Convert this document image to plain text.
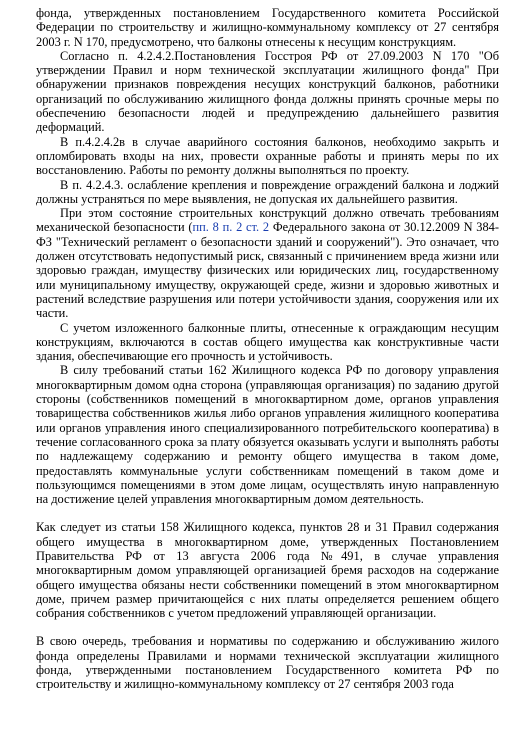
фонда, утвержденных постановлением Государственного комитета Российской Федерации по строительству и жилищно-коммунальному комплексу от 27 сентября 2003 г. N 170, предусмотрено, что балконы отнесены к несущим конструкциям.

Согласно п. 4.2.4.2.Постановления Госстроя РФ от 27.09.2003 N 170 "Об утверждении Правил и норм технической эксплуатации жилищного фонда" При обнаружении признаков повреждения несущих конструкций балконов, работники организаций по обслуживанию жилищного фонда должны принять срочные меры по обеспечению безопасности людей и предупреждению дальнейшего развития деформаций.

В п.4.2.4.2в в случае аварийного состояния балконов, необходимо закрыть и опломбировать входы на них, провести охранные работы и принять меры по их восстановлению. Работы по ремонту должны выполняться по проекту.

В п. 4.2.4.3. ослабление крепления и повреждение ограждений балкона и лоджий должны устраняться по мере выявления, не допуская их дальнейшего развития.

При этом состояние строительных конструкций должно отвечать требованиям механической безопасности (пп. 8 п. 2 ст. 2 Федерального закона от 30.12.2009 N 384-ФЗ "Технический регламент о безопасности зданий и сооружений"). Это означает, что должен отсутствовать недопустимый риск, связанный с причинением вреда жизни или здоровью граждан, имуществу физических или юридических лиц, государственному или муниципальному имуществу, окружающей среде, жизни и здоровью животных и растений вследствие разрушения или потери устойчивости здания, сооружения или их части.

С учетом изложенного балконные плиты, отнесенные к ограждающим несущим конструкциям, включаются в состав общего имущества как конструктивные части здания, обеспечивающие его прочность и устойчивость.

В силу требований статьи 162 Жилищного кодекса РФ по договору управления многоквартирным домом одна сторона (управляющая организация) по заданию другой стороны (собственников помещений в многоквартирном доме, органов управления товарищества собственников жилья либо органов управления жилищного кооператива или органов управления иного специализированного потребительского кооператива) в течение согласованного срока за плату обязуется оказывать услуги и выполнять работы по надлежащему содержанию и ремонту общего имущества в таком доме, предоставлять коммунальные услуги собственникам помещений в таком доме и пользующимся помещениями в этом доме лицам, осуществлять иную направленную на достижение целей управления многоквартирным домом деятельность.

Как следует из статьи 158 Жилищного кодекса, пунктов 28 и 31 Правил содержания общего имущества в многоквартирном доме, утвержденных Постановлением Правительства РФ от 13 августа 2006 года №491, в случае управления многоквартирным домом управляющей организацией бремя расходов на содержание общего имущества обязаны нести собственники помещений в этом многоквартирном доме, причем размер причитающейся с них платы определяется решением общего собрания собственников с учетом предложений управляющей организации.

В свою очередь, требования и нормативы по содержанию и обслуживанию жилого фонда определены Правилами и нормами технической эксплуатации жилищного фонда, утвержденными постановлением Государственного комитета РФ по строительству и жилищно-коммунальному комплексу от 27 сентября 2003 года
